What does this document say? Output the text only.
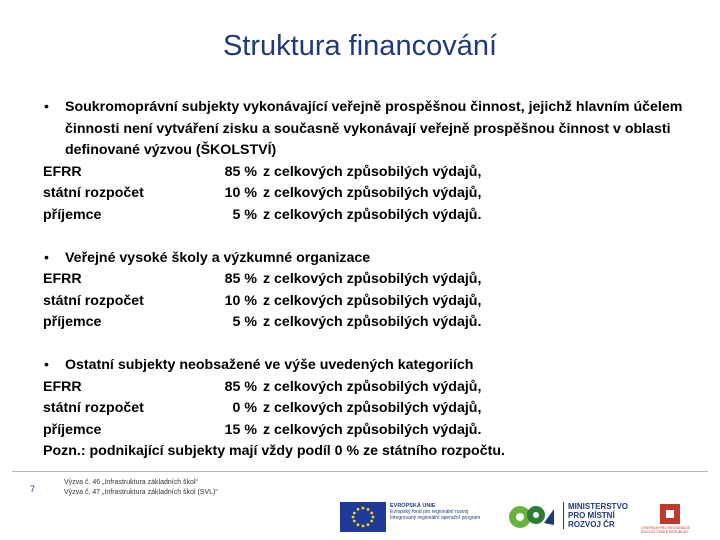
Struktura financování
• Soukromoprávní subjekty vykonávající veřejně prospěšnou činnost, jejichž hlavním účelem činnosti není vytváření zisku a současně vykonávají veřejně prospěšnou činnost v oblasti definované výzvou (ŠKOLSTVÍ)
EFRR	85 % z celkových způsobilých výdajů,
státní rozpočet	10 % z celkových způsobilých výdajů,
příjemce	5 % z celkových způsobilých výdajů.
• Veřejné vysoké školy a výzkumné organizace
EFRR	85 % z celkových způsobilých výdajů,
státní rozpočet	10 % z celkových způsobilých výdajů,
příjemce	5 % z celkových způsobilých výdajů.
• Ostatní subjekty neobsažené ve výše uvedených kategoriích
EFRR	85 % z celkových způsobilých výdajů,
státní rozpočet	0 % z celkových způsobilých výdajů,
příjemce	15 % z celkových způsobilých výdajů.
Pozn.: podnikající subjekty mají vždy podíl 0 % ze státního rozpočtu.
7
Výzva č. 46 „Infrastruktura základních škol“
Výzva č. 47 „Infrastruktura základních škol (SVL)“
EVROPSKÁ UNIE
Evropský fond pro regionální rozvoj
Integrovaný regionální operační program
MINISTERSTVO
PRO MÍSTNÍ
ROZVOJ ČR	CENTRUM PRO REGIONÁLNÍ ROZVOJ ČESKÉ REPUBLIKY
